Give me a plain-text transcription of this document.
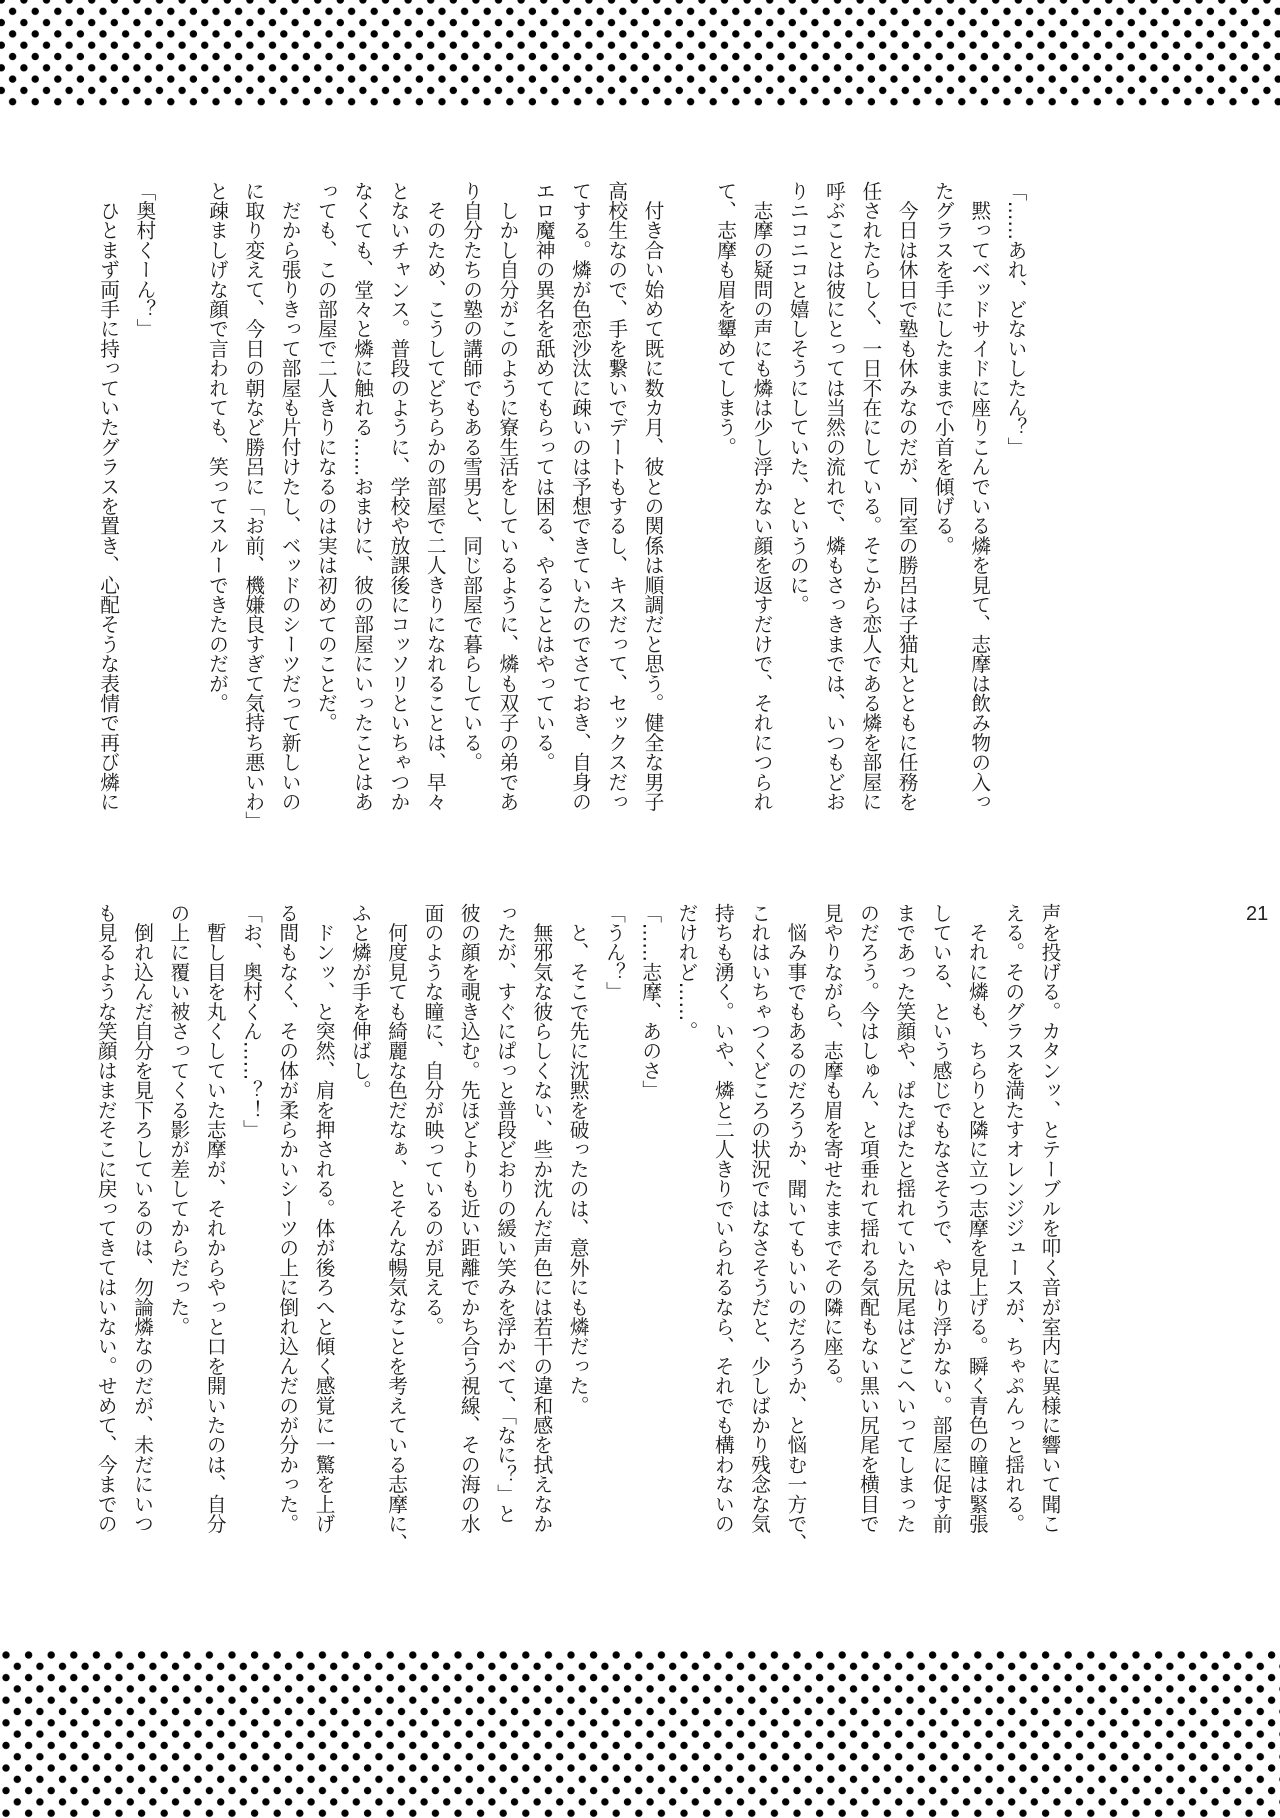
「……あれ、どないしたん？」
　黙ってベッドサイドに座りこんでいる燐を見て、志摩は飲み物の入っ
たグラスを手にしたままで小首を傾げる。
　今日は休日で塾も休みなのだが、同室の勝呂は子猫丸とともに任務を
任されたらしく、一日不在にしている。そこから恋人である燐を部屋に
呼ぶことは彼にとっては当然の流れで、燐もさっきまでは、いつもどお
りニコニコと嬉しそうにしていた、というのに。
　志摩の疑問の声にも燐は少し浮かない顔を返すだけで、それにつられ
て、志摩も眉を顰めてしまう。
　付き合い始めて既に数カ月、彼との関係は順調だと思う。健全な男子
高校生なので、手を繋いでデートもするし、キスだって、セックスだっ
てする。燐が色恋沙汰に疎いのは予想できていたのでさておき、自身の
エロ魔神の異名を舐めてもらっては困る、やることはやっている。
　しかし自分がこのように寮生活をしているように、燐も双子の弟であ
り自分たちの塾の講師でもある雪男と、同じ部屋で暮らしている。
　そのため、こうしてどちらかの部屋で二人きりになれることは、早々
とないチャンス。普段のように、学校や放課後にコッソリといちゃつか
なくても、堂々と燐に触れる……おまけに、彼の部屋にいったことはあ
っても、この部屋で二人きりになるのは実は初めてのことだ。
　だから張りきって部屋も片付けたし、ベッドのシーツだって新しいの
に取り変えて、今日の朝など勝呂に「お前、機嫌良すぎて気持ち悪いわ」
と疎ましげな顔で言われても、笑ってスルーできたのだが。
「奥村くーん？」
　ひとまず両手に持っていたグラスを置き、心配そうな表情で再び燐に
声を投げる。カタンッ、とテーブルを叩く音が室内に異様に響いて聞こ
える。そのグラスを満たすオレンジジュースが、ちゃぷんっと揺れる。
　それに燐も、ちらりと隣に立つ志摩を見上げる。瞬く青色の瞳は緊張
している、という感じでもなさそうで、やはり浮かない。部屋に促す前
まであった笑顔や、ぱたぱたと揺れていた尻尾はどこへいってしまった
のだろう。今はしゅん、と項垂れて揺れる気配もない黒い尻尾を横目で
見やりながら、志摩も眉を寄せたままでその隣に座る。
　悩み事でもあるのだろうか、聞いてもいいのだろうか、と悩む一方で、
これはいちゃつくどころの状況ではなさそうだと、少しばかり残念な気
持ちも湧く。いや、燐と二人きりでいられるなら、それでも構わないの
だけれど……。
「……志摩、あのさ」
「うん？」
　と、そこで先に沈黙を破ったのは、意外にも燐だった。
　無邪気な彼らしくない、些か沈んだ声色には若干の違和感を拭えなか
ったが、すぐにぱっと普段どおりの緩い笑みを浮かべて、「なに？」と
彼の顔を覗き込む。先ほどよりも近い距離でかち合う視線、その海の水
面のような瞳に、自分が映っているのが見える。
　何度見ても綺麗な色だなぁ、とそんな暢気なことを考えている志摩に、
ふと燐が手を伸ばし。
　ドンッ、と突然、肩を押される。体が後ろへと傾く感覚に一驚を上げ
る間もなく、その体が柔らかいシーツの上に倒れ込んだのが分かった。
「お、奥村くん……？！」
　暫し目を丸くしていた志摩が、それからやっと口を開いたのは、自分
の上に覆い被さってくる影が差してからだった。
　倒れ込んだ自分を見下ろしているのは、勿論燐なのだが、未だにいつ
も見るような笑顔はまだそこに戻ってきてはいない。せめて、今までの	21
